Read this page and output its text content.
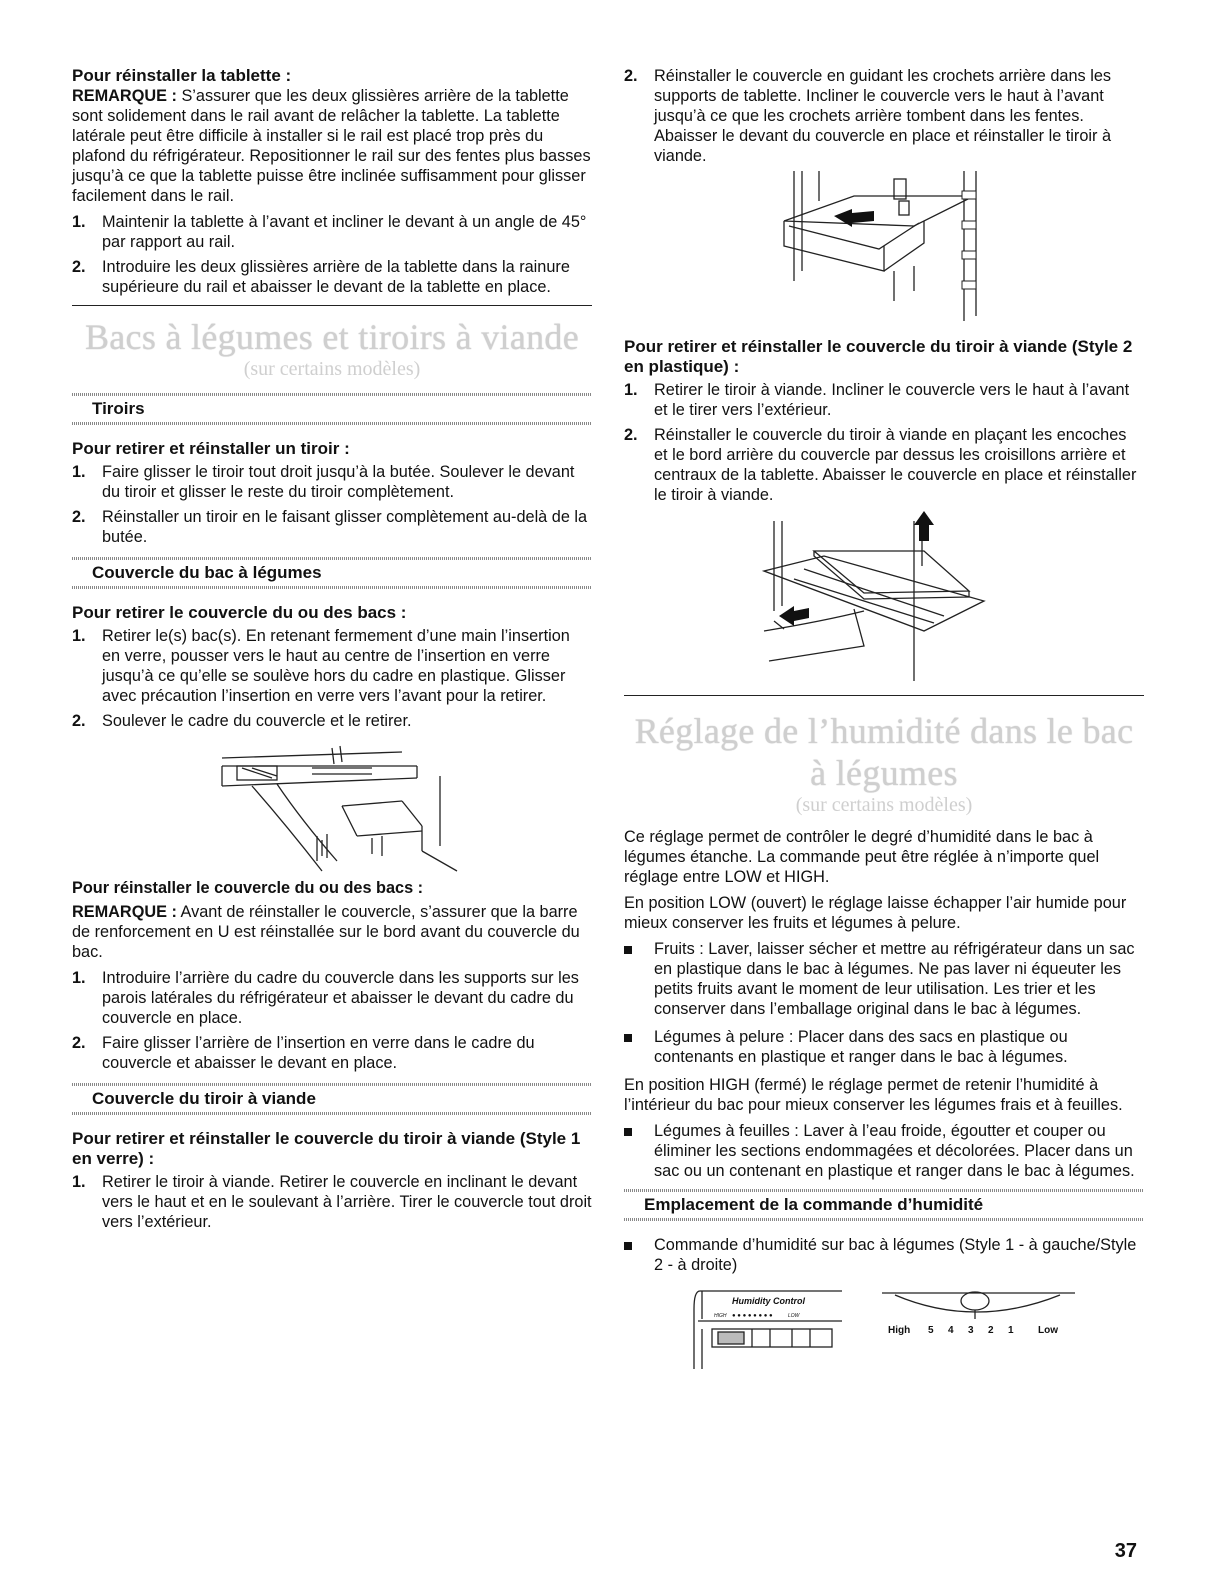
Pour réinstaller la tablette :

REMARQUE : S’assurer que les deux glissières arrière de la tablette sont solidement dans le rail avant de relâcher la tablette. La tablette latérale peut être difficile à installer si le rail est placé trop près du plafond du réfrigérateur. Repositionner le rail sur des fentes plus basses jusqu’à ce que la tablette puisse être inclinée suffisamment pour glisser facilement dans le rail.

1. Maintenir la tablette à l’avant et incliner le devant à un angle de 45° par rapport au rail.
2. Introduire les deux glissières arrière de la tablette dans la rainure supérieure du rail et abaisser le devant de la tablette en place.
Bacs à légumes et tiroirs à viande
(sur certains modèles)
Tiroirs
Pour retirer et réinstaller un tiroir :
1. Faire glisser le tiroir tout droit jusqu’à la butée. Soulever le devant du tiroir et glisser le reste du tiroir complètement.
2. Réinstaller un tiroir en le faisant glisser complètement au-delà de la butée.
Couvercle du bac à légumes
Pour retirer le couvercle du ou des bacs :
1. Retirer le(s) bac(s). En retenant fermement d’une main l’insertion en verre, pousser vers le haut au centre de l’insertion en verre jusqu’à ce qu’elle se soulève hors du cadre en plastique. Glisser avec précaution l’insertion en verre vers l’avant pour la retirer.
2. Soulever le cadre du couvercle et le retirer.
Pour réinstaller le couvercle du ou des bacs :

REMARQUE : Avant de réinstaller le couvercle, s’assurer que la barre de renforcement en U est réinstallée sur le bord avant du couvercle du bac.

1. Introduire l’arrière du cadre du couvercle dans les supports sur les parois latérales du réfrigérateur et abaisser le devant du cadre du couvercle en place.
2. Faire glisser l’arrière de l’insertion en verre dans le cadre du couvercle et abaisser le devant en place.
Couvercle du tiroir à viande
Pour retirer et réinstaller le couvercle du tiroir à viande (Style 1 en verre) :
1. Retirer le tiroir à viande. Retirer le couvercle en inclinant le devant vers le haut et en le soulevant à l’arrière. Tirer le couvercle tout droit vers l’extérieur.
2. Réinstaller le couvercle en guidant les crochets arrière dans les supports de tablette. Incliner le couvercle vers le haut à l’avant jusqu’à ce que les crochets arrière tombent dans les fentes. Abaisser le devant du couvercle en place et réinstaller le tiroir à viande.
Pour retirer et réinstaller le couvercle du tiroir à viande (Style 2 en plastique) :
1. Retirer le tiroir à viande. Incliner le couvercle vers le haut à l’avant et le tirer vers l’extérieur.
2. Réinstaller le couvercle du tiroir à viande en plaçant les encoches et le bord arrière du couvercle par dessus les croisillons arrière et centraux de la tablette. Abaisser le couvercle en place et réinstaller le tiroir à viande.
Réglage de l’humidité dans le bac à légumes
(sur certains modèles)

Ce réglage permet de contrôler le degré d’humidité dans le bac à légumes étanche. La commande peut être réglée à n’importe quel réglage entre LOW et HIGH.

En position LOW (ouvert) le réglage laisse échapper l’air humide pour mieux conserver les fruits et légumes à pelure.

Fruits : Laver, laisser sécher et mettre au réfrigérateur dans un sac en plastique dans le bac à légumes. Ne pas laver ni équeuter les petits fruits avant le moment de leur utilisation. Les trier et les conserver dans l’emballage original dans le bac à légumes.
Légumes à pelure : Placer dans des sacs en plastique ou contenants en plastique et ranger dans le bac à légumes.

En position HIGH (fermé) le réglage permet de retenir l’humidité à l’intérieur du bac pour mieux conserver les légumes frais et à feuilles.

Légumes à feuilles : Laver à l’eau froide, égoutter et couper ou éliminer les sections endommagées et décolorées. Placer dans un sac ou un contenant en plastique et ranger dans le bac à légumes.
Emplacement de la commande d’humidité
Commande d’humidité sur bac à légumes (Style 1 - à gauche/Style 2 - à droite)
Humidity Control
HIGH ● ● ● ● ● ● ● ●	LOW
High 5 4 3 2 1 Low
37
